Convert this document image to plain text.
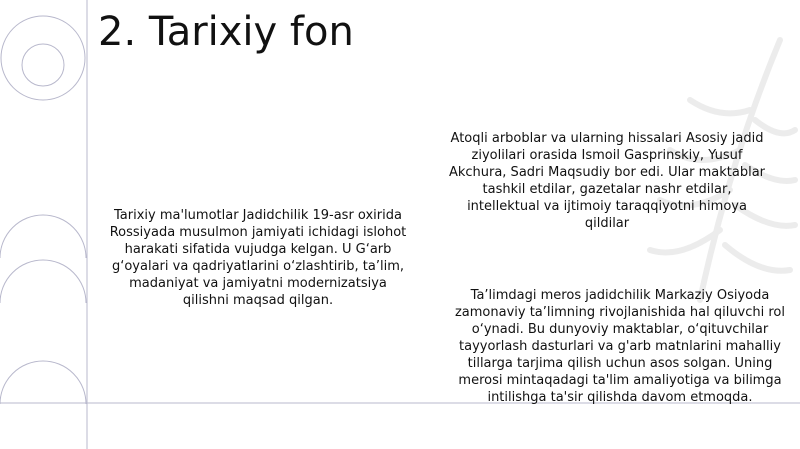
2. Tarixiy fon
Tarixiy ma'lumotlar Jadidchilik 19-asr oxirida Rossiyada musulmon jamiyati ichidagi islohot harakati sifatida vujudga kelgan. U G‘arb g‘oyalari va qadriyatlarini o‘zlashtirib, ta’lim, madaniyat va jamiyatni modernizatsiya qilishni maqsad qilgan.
Atoqli arboblar va ularning hissalari Asosiy jadid ziyolilari orasida Ismoil Gasprinskiy, Yusuf Akchura, Sadri Maqsudiy bor edi. Ular maktablar tashkil etdilar, gazetalar nashr etdilar, intellektual va ijtimoiy taraqqiyotni himoya qildilar
Ta’limdagi meros jadidchilik Markaziy Osiyoda zamonaviy ta’limning rivojlanishida hal qiluvchi rol o‘ynadi. Bu dunyoviy maktablar, o‘qituvchilar tayyorlash dasturlari va g'arb matnlarini mahalliy tillarga tarjima qilish uchun asos solgan. Uning merosi mintaqadagi ta'lim amaliyotiga va bilimga intilishga ta'sir qilishda davom etmoqda.
